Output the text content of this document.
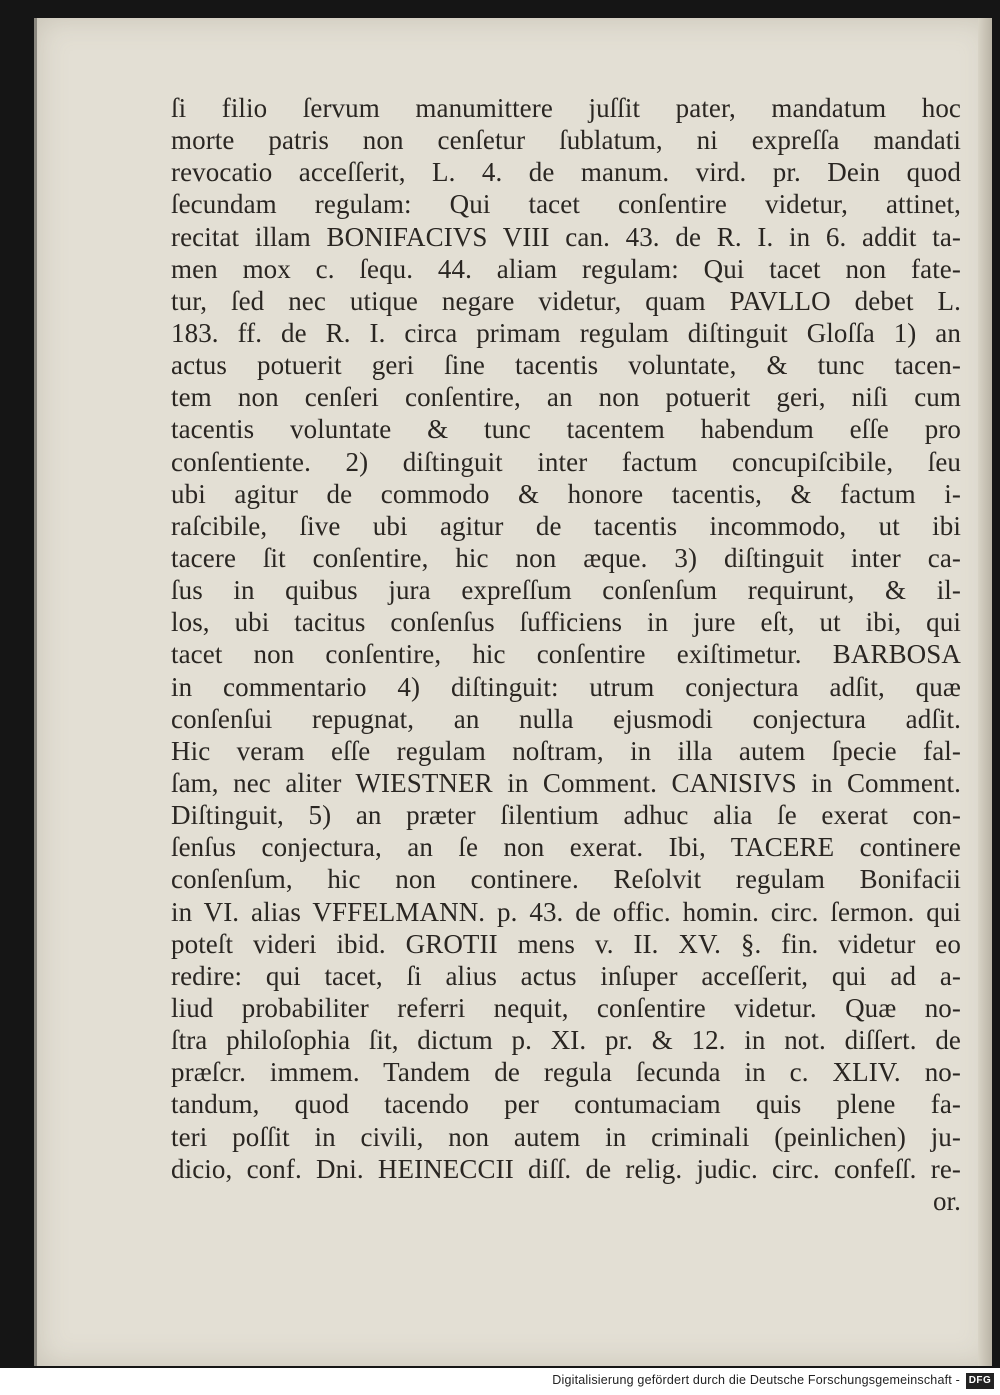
ſi filio ſervum manumittere juſſit pater, mandatum hoc
morte patris non cenſetur ſublatum, ni expreſſa mandati
revocatio acceſſerit, L. 4. de manum. vird. pr. Dein quod
ſecundam regulam: Qui tacet conſentire videtur, attinet,
recitat illam BONIFACIVS VIII can. 43. de R. I. in 6. addit ta-
men mox c. ſequ. 44. aliam regulam: Qui tacet non fate-
tur, ſed nec utique negare videtur, quam PAVLLO debet L.
183. ff. de R. I. circa primam regulam diſtinguit Gloſſa 1) an
actus potuerit geri ſine tacentis voluntate, & tunc tacen-
tem non cenſeri conſentire, an non potuerit geri, niſi cum
tacentis voluntate & tunc tacentem habendum eſſe pro
conſentiente. 2) diſtinguit inter factum concupiſcibile, ſeu
ubi agitur de commodo & honore tacentis, & factum i-
raſcibile, ſive ubi agitur de tacentis incommodo, ut ibi
tacere ſit conſentire, hic non æque. 3) diſtinguit inter ca-
ſus in quibus jura expreſſum conſenſum requirunt, & il-
los, ubi tacitus conſenſus ſufficiens in jure eſt, ut ibi, qui
tacet non conſentire, hic conſentire exiſtimetur. BARBOSA
in commentario 4) diſtinguit: utrum conjectura adſit, quæ
conſenſui repugnat, an nulla ejusmodi conjectura adſit.
Hic veram eſſe regulam noſtram, in illa autem ſpecie fal-
ſam, nec aliter WIESTNER in Comment. CANISIVS in Comment.
Diſtinguit, 5) an præter ſilentium adhuc alia ſe exerat con-
ſenſus conjectura, an ſe non exerat. Ibi, TACERE continere
conſenſum, hic non continere. Reſolvit regulam Bonifacii
in VI. alias VFFELMANN. p. 43. de offic. homin. circ. ſermon. qui
poteſt videri ibid. GROTII mens v. II. XV. §. fin. videtur eo
redire: qui tacet, ſi alius actus inſuper acceſſerit, qui ad a-
liud probabiliter referri nequit, conſentire videtur. Quæ no-
ſtra philoſophia ſit, dictum p. XI. pr. & 12. in not. diſſert. de
præſcr. immem. Tandem de regula ſecunda in c. XLIV. no-
tandum, quod tacendo per contumaciam quis plene fa-
teri poſſit in civili, non autem in criminali (peinlichen) ju-
dicio, conf. Dni. HEINECCII diſſ. de relig. judic. circ. confeſſ. re-
or.
Digitalisierung gefördert durch die Deutsche Forschungsgemeinschaft - DFG
